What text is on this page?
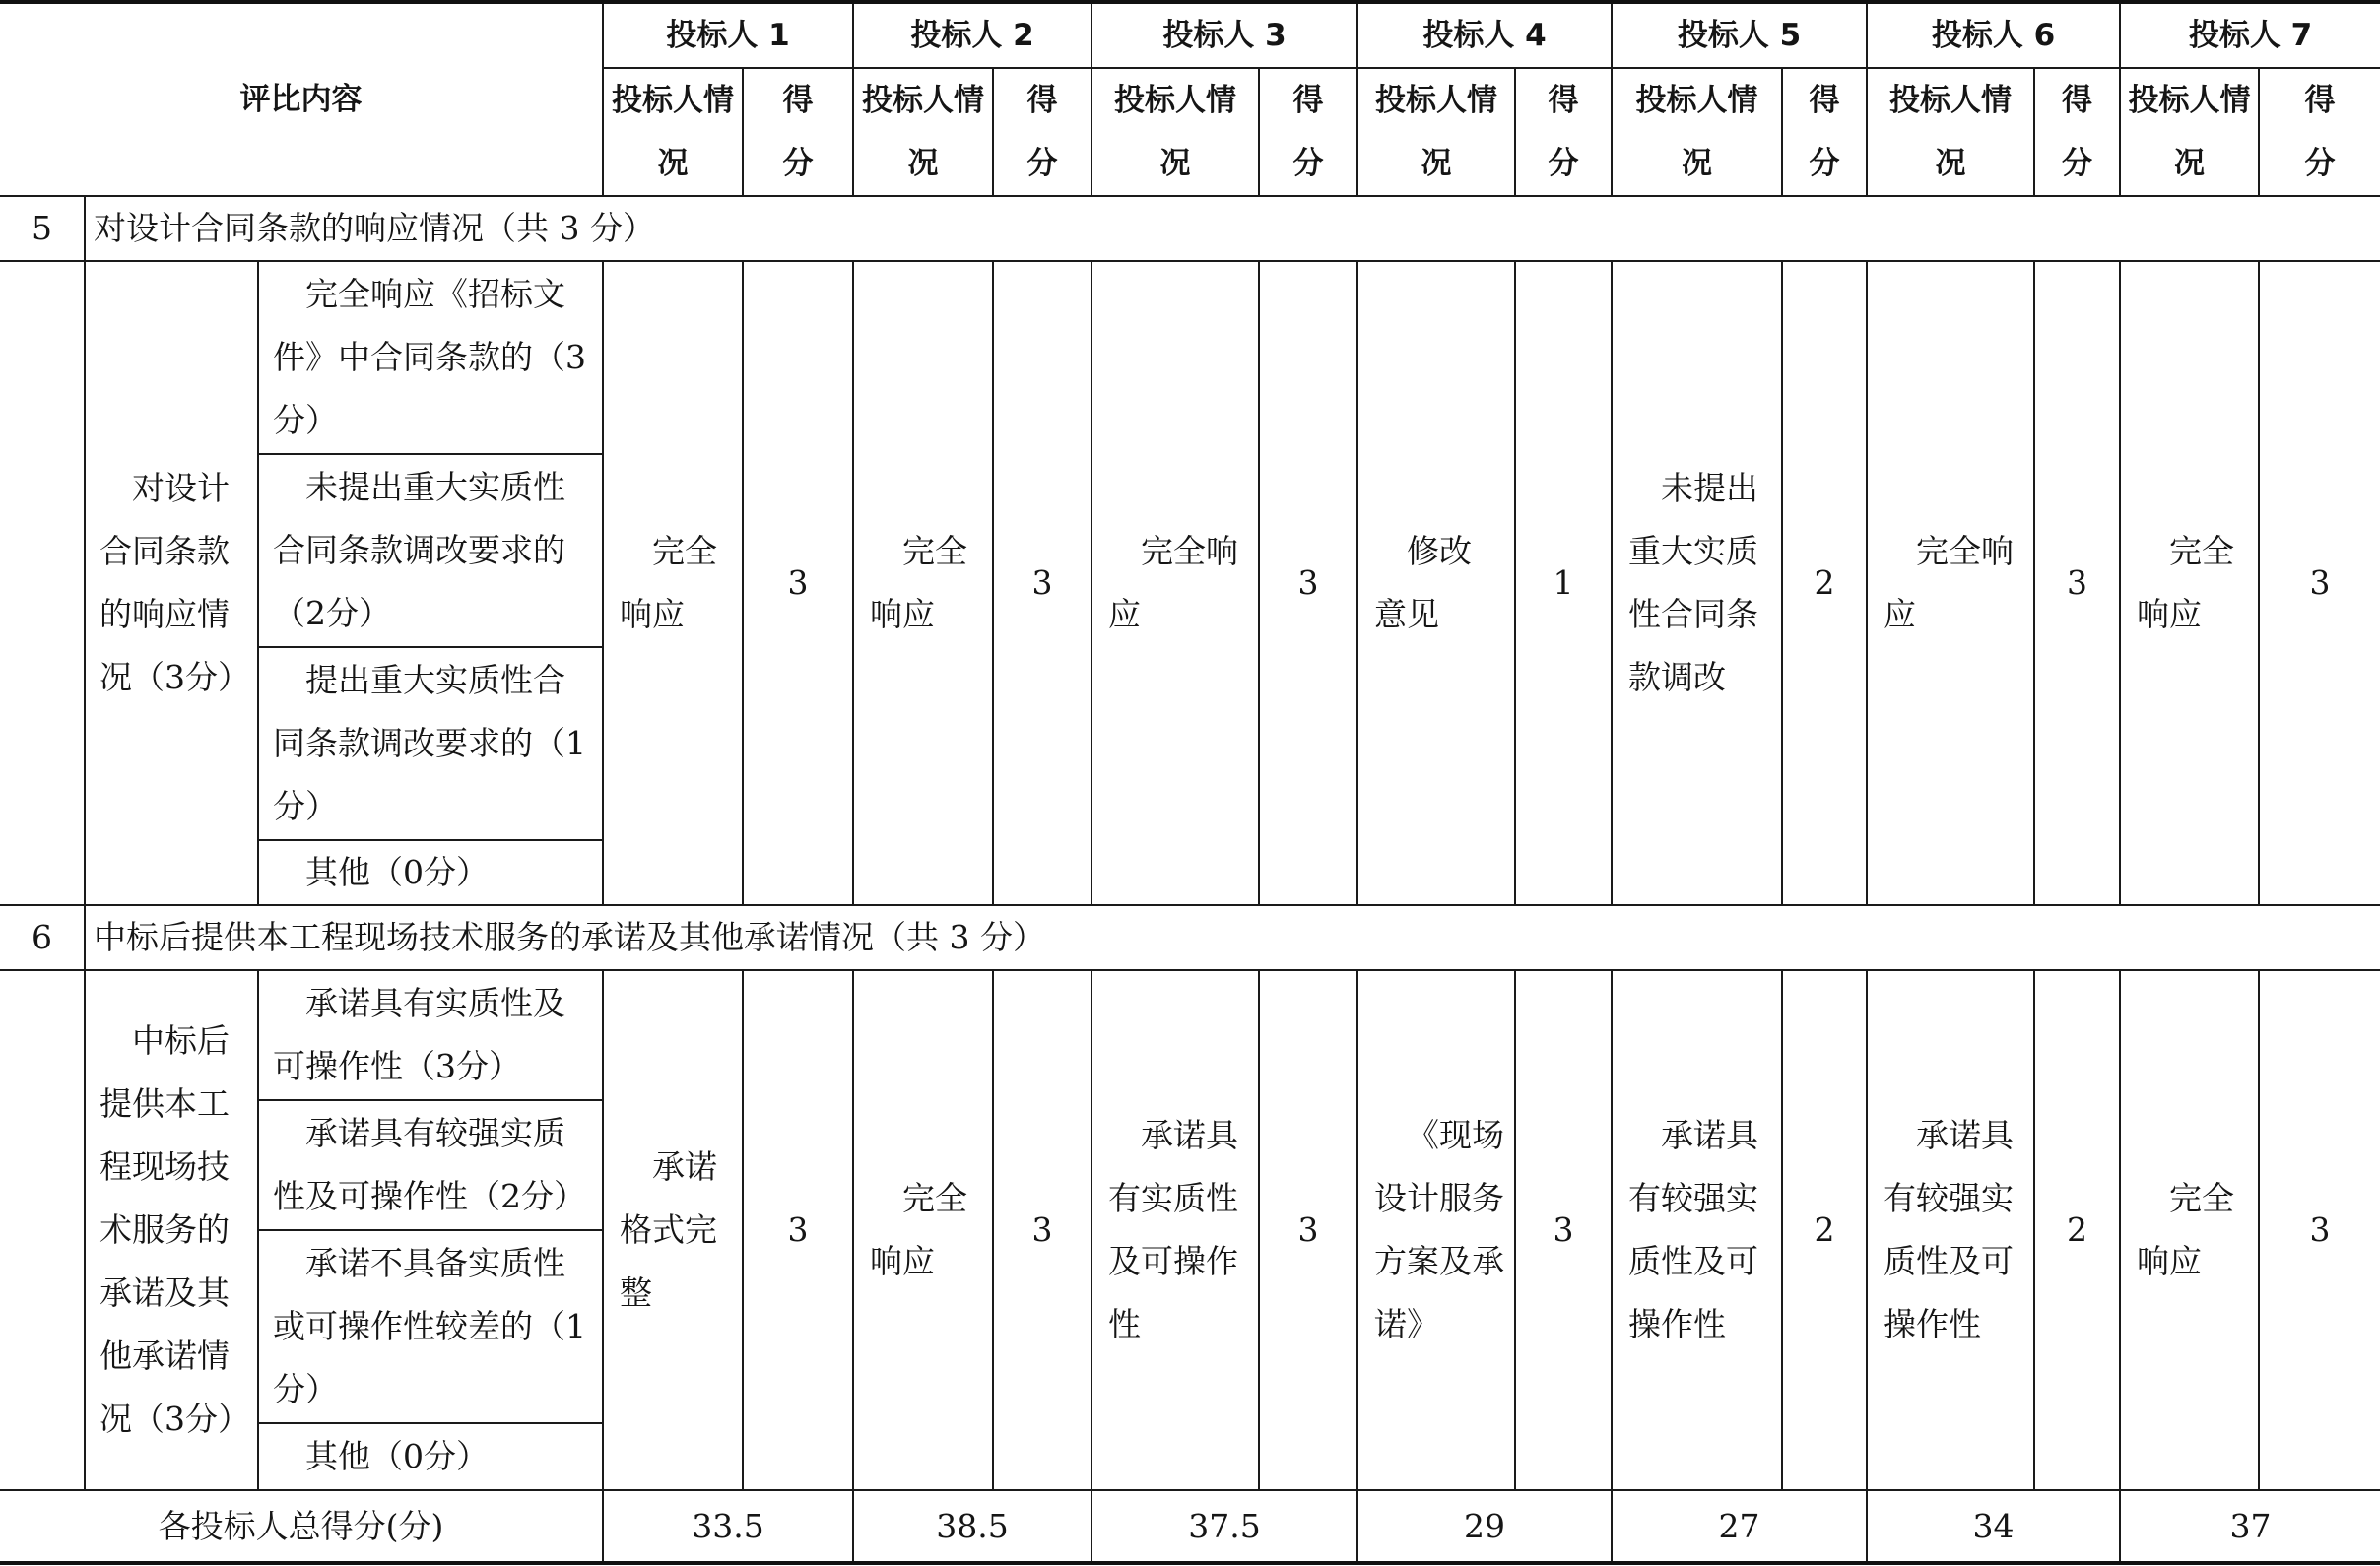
评比内容			投标人 1		投标人 2		投标人 3		投标人 4		投标人 5		投标人 6		投标人 7	

			投标人情况	得分	投标人情况	得分	投标人情况	得分	投标人情况	得分	投标人情况	得分	投标人情况	得分	投标人情况	得分

5	对设计合同条款的响应情况（共 3 分）															

	对设计合同条款的响应情况（3分）	完全响应《招标文件》中合同条款的（3分）	完全响应	3	完全响应	3	完全响应	3	修改意见	1	未提出重大实质性合同条款调改	2	完全响应	3	完全响应	3

		未提出重大实质性合同条款调改要求的（2分）														

		提出重大实质性合同条款调改要求的（1分）														

		其他（0分）														

6	中标后提供本工程现场技术服务的承诺及其他承诺情况（共 3 分）															

	中标后提供本工程现场技术服务的承诺及其他承诺情况（3分）	承诺具有实质性及可操作性（3分）	承诺格式完整	3	完全响应	3	承诺具有实质性及可操作性	3	《现场设计服务方案及承诺》	3	承诺具有较强实质性及可操作性	2	承诺具有较强实质性及可操作性	2	完全响应	3

		承诺具有较强实质性及可操作性（2分）														

		承诺不具备实质性或可操作性较差的（1分）														

		其他（0分）														

各投标人总得分(分)			33.5		38.5		37.5		29		27		34		37	
